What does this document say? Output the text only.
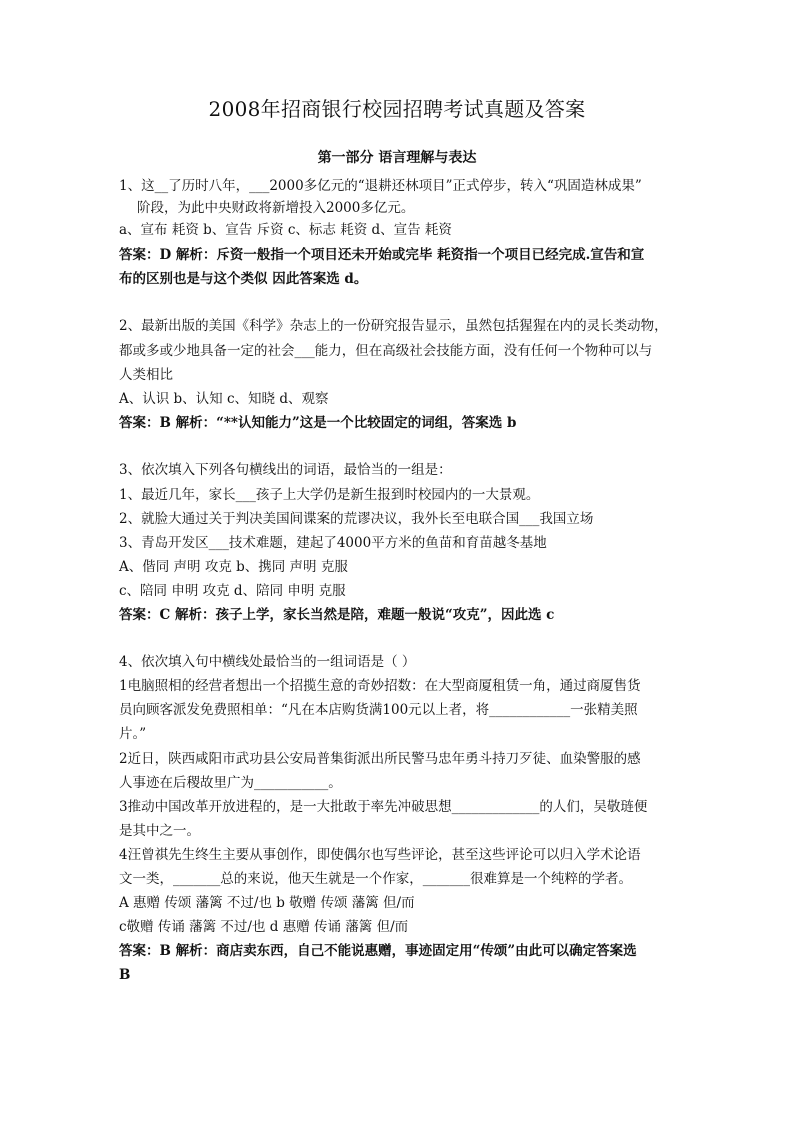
2008年招商银行校园招聘考试真题及答案
第一部分 语言理解与表达
1、这__了历时八年，___2000多亿元的“退耕还林项目”正式停步，转入“巩固造林成果”
阶段，为此中央财政将新增投入2000多亿元。
a、宣布 耗资 b、宣告 斥资 c、标志 耗资 d、宣告 耗资
答案：D 解析：斥资一般指一个项目还未开始或完毕 耗资指一个项目已经完成.宣告和宣
布的区别也是与这个类似 因此答案选 d。
2、最新出版的美国《科学》杂志上的一份研究报告显示，虽然包括猩猩在内的灵长类动物，
都或多或少地具备一定的社会___能力，但在高级社会技能方面，没有任何一个物种可以与
人类相比
A、认识 b、认知 c、知晓 d、观察
答案：B 解析：“**认知能力”这是一个比较固定的词组，答案选 b
3、依次填入下列各句横线出的词语，最恰当的一组是：
1、最近几年，家长___孩子上大学仍是新生报到时校园内的一大景观。
2、就脸大通过关于判决美国间谍案的荒谬决议，我外长至电联合国___我国立场
3、青岛开发区___技术难题，建起了4000平方米的鱼苗和育苗越冬基地
A、偕同 声明 攻克 b、携同 声明 克服
c、陪同 申明 攻克 d、陪同 申明 克服
答案：C 解析：孩子上学，家长当然是陪，难题一般说“攻克”，因此选 c
4、依次填入句中横线处最恰当的一组词语是（ ）
1电脑照相的经营者想出一个招揽生意的奇妙招数：在大型商厦租赁一角，通过商厦售货
员向顾客派发免费照相单：“凡在本店购货满100元以上者，将____________一张精美照
片。”
2近日，陕西咸阳市武功县公安局普集街派出所民警马忠年勇斗持刀歹徒、血染警服的感
人事迹在后稷故里广为___________。
3推动中国改革开放进程的，是一大批敢于率先冲破思想_____________的人们，吴敬琏便
是其中之一。
4汪曾祺先生终生主要从事创作，即使偶尔也写些评论，甚至这些评论可以归入学术论语
文一类，_______总的来说，他天生就是一个作家，_______很难算是一个纯粹的学者。
A 惠赠 传颂 藩篱 不过/也 b 敬赠 传颂 藩篱 但/而
c敬赠 传诵 藩篱 不过/也 d 惠赠 传诵 藩篱 但/而
答案：B 解析：商店卖东西，自己不能说惠赠，事迹固定用“传颂”由此可以确定答案选
B
